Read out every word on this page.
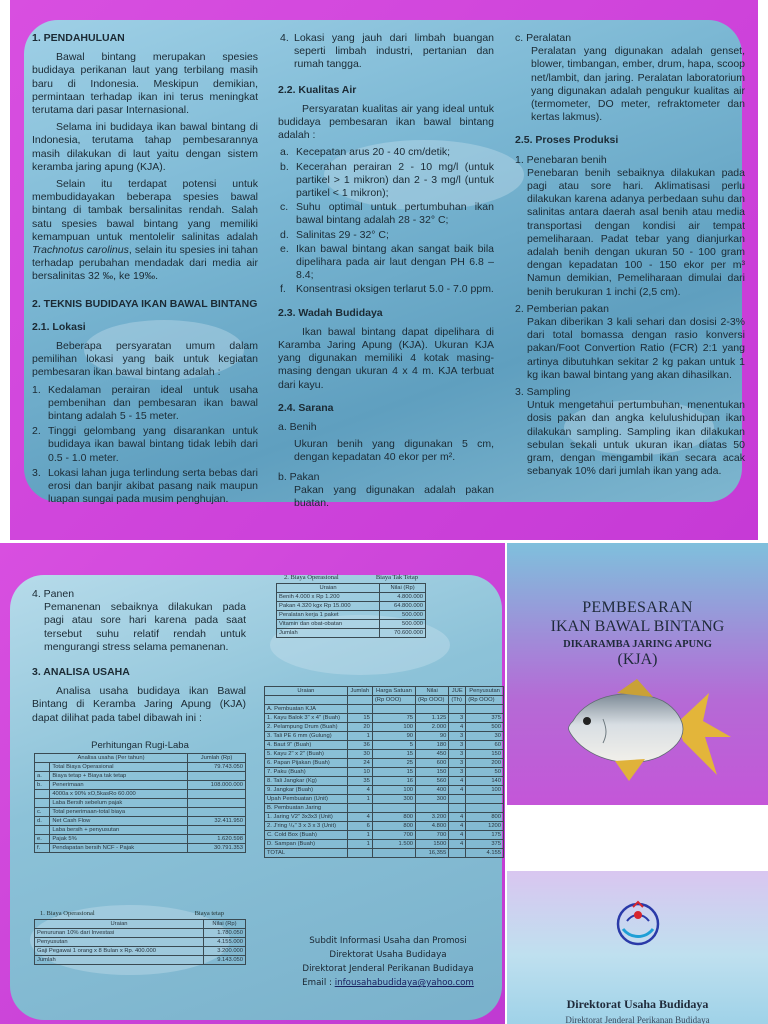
1. PENDAHULUAN

Bawal bintang merupakan spesies budidaya perikanan laut yang terbilang masih baru di Indonesia. Meskipun demikian, permintaan terhadap ikan ini terus meningkat terutama dari pasar Internasional.

Selama ini budidaya ikan bawal bintang di Indonesia, terutama tahap pembesarannya masih dilakukan di laut yaitu dengan sistem keramba jaring apung (KJA).

Selain itu terdapat potensi untuk membudidayakan beberapa spesies bawal bintang di tambak bersalinitas rendah. Salah satu spesies bawal bintang yang memiliki kemampuan untuk mentolelir salinitas adalah Trachnotus carolinus, selain itu spesies ini tahan terhadap perubahan mendadak dari media air bersalinitas 32 ‰, ke 19‰.

2. TEKNIS BUDIDAYA IKAN BAWAL BINTANG
2.1. Lokasi

Beberapa persyaratan umum dalam pemilihan lokasi yang baik untuk kegiatan pembesaran ikan bawal bintang adalah :

1. Kedalaman perairan ideal untuk usaha pembenihan dan pembesaran ikan bawal bintang adalah 5 - 15 meter.
2. Tinggi gelombang yang disarankan untuk budidaya ikan bawal bintang tidak lebih dari 0.5 - 1.0 meter.
3. Lokasi lahan juga terlindung serta bebas dari erosi dan banjir akibat pasang naik maupun luapan sungai pada musim penghujan.
4. Lokasi yang jauh dari limbah buangan seperti limbah industri, pertanian dan rumah tangga.
2.2. Kualitas Air

Persyaratan kualitas air yang ideal untuk budidaya pembesaran ikan bawal bintang adalah :

a. Kecepatan arus 20 - 40 cm/detik;
b. Kecerahan perairan 2 - 10 mg/l (untuk partikel > 1 mikron) dan 2 - 3 mg/l (untuk partikel < 1 mikron);
c. Suhu optimal untuk pertumbuhan ikan bawal bintang adalah 28 - 32° C;
d. Salinitas 29 - 32° C;
e. Ikan bawal bintang akan sangat baik bila dipelihara pada air laut dengan PH 6.8 – 8.4;
f. Konsentrasi oksigen terlarut 5.0 - 7.0 ppm.
2.3. Wadah Budidaya

Ikan bawal bintang dapat dipelihara di Karamba Jaring Apung (KJA). Ukuran KJA yang digunakan memiliki 4 kotak masing-masing dengan ukuran 4 x 4 m. KJA terbuat dari kayu.

2.4. Sarana
a. Benih

Ukuran benih yang digunakan 5 cm, dengan kepadatan 40 ekor per m².

b. Pakan

Pakan yang digunakan adalah pakan buatan.

c. Peralatan

Peralatan yang digunakan adalah genset, blower, timbangan, ember, drum, hapa, scoop net/lambit, dan jaring. Peralatan laboratorium yang digunakan adalah pengukur kualitas air (termometer, DO meter, refraktometer dan kertas lakmus).

2.5. Proses Produksi
1. Penebaran benih

Penebaran benih sebaiknya dilakukan pada pagi atau sore hari. Aklimatisasi perlu dilakukan karena adanya perbedaan suhu dan salinitas antara daerah asal benih atau media transportasi dengan kondisi air tempat pemeliharaan. Padat tebar yang dianjurkan adalah benih dengan ukuran 50 - 100 gram dengan kepadatan 100 - 150 ekor per m³ Namun demikian, Pemeliharaan dimulai dari benih berukuran 1 inchi (2,5 cm).

2. Pemberian pakan

Pakan diberikan 3 kali sehari dan dosisi 2-3% dari total bomassa dengan rasio konversi pakan/Foot Convertion Ratio (FCR) 2:1 yang artinya dibutuhkan sekitar 2 kg pakan untuk 1 kg ikan bawal bintang yang akan dihasilkan.

3. Sampling

Untuk mengetahui pertumbuhan, menentukan dosis pakan dan angka kelulushidupan ikan dilakukan sampling. Sampling ikan dilakukan sebulan sekali untuk ukuran ikan diatas 50 gram, dengan mengambil ikan secara acak sebanyak 10% dari jumlah ikan yang ada.

4. Panen

Pemanenan sebaiknya dilakukan pada pagi atau sore hari karena pada saat tersebut suhu relatif rendah untuk mengurangi stress selama pemanenan.

3. ANALISA USAHA

Analisa usaha budidaya ikan Bawal Bintang di Keramba Jaring Apung (KJA) dapat dilihat pada tabel dibawah ini :

Perhitungan Rugi-Laba
Analisa usaha (Per tahun)		Jumlah (Rp)
	Total Biaya Operasional	79.743.050
a.	Biaya tetap + Biaya tak tetap	
b.	Penerimaan	108.000.000
	4000a x 90% xO,5kasRo 60.000	
	Laba Bersih sebelum pajak	
c.	Total penerimaan-total biaya	
d.	Net Cash Flow	32.411.950
	Laba bersih + penyusutan	
e.	Pajak 5%	1.620.598
f.	Pendapatan bersih NCF - Pajak	30.791.353
1. Biaya Operasional	Biaya tetap
Uraian	Nilai (Rp)
Penurunan 10% dari Investasi	1.780.050
Penyusutan	4.155.000
Gaji Pegawai 1 orang x 8 Bulan x Rp. 400.000	3.200.000
Jumlah	9.143.050
2. Biaya Operasional	Biaya Tak Tetap
Uraian	Nilai (Rp)
Benih 4.000 x Rp 1.200	4.800.000
Pakan 4.320 kgx Rp 15.000	64.800.000
Peralatan kerja 1 paket	500.000
Vitamin dan obat-obatan	500.000
Jumlah	70.600.000
Uraian	Jumlah	Harga Satuan	Nilai	JUE	Penyusutan
		(Rp OOO)	(Rp OOO)	(Th)	(Rp OOO)
A. Pembuatan KJA					
1. Kayu Balok 3" x 4" (Buah)	15	75	1.125	3	375
2. Pelampung Drum (Buah)	20	100	2.000	4	500
3. Tali PE 6 mm (Gulung)	1	90	90	3	30
4. Baut 9" (Buah)	36	5	180	3	60
5. Kayu 2" x 2" (Buah)	30	15	450	3	150
6. Papan Pijakan (Buah)	24	25	600	3	200
7. Paku (Buah)	10	15	150	3	50
8. Tali Jangkar (Kg)	35	16	560	4	140
9. Jangkar (Buah)	4	100	400	4	100
Upah Pembuatan (Unit)	1	300	300		
B. Pembuatan Jaring					
1. Jaring V2" 3x3x3 (Unit)	4	800	3.200	4	800
2. J'ring ¹/₄" 3 x 3 x 3 (Unit)	6	800	4.800	4	1200
C. Cold Box (Buah)	1	700	700	4	175
D. Sampan (Buah)	1	1.500	1500	4	375
TOTAL			16,355		4.155
Subdit Informasi Usaha dan Promosi
Direktorat Usaha Budidaya
Direktorat Jenderal Perikanan Budidaya
Email : infousahabudidaya@yahoo.com
PEMBESARAN
IKAN BAWAL BINTANG
DIKARAMBA JARING APUNG
(KJA)
Direktorat Usaha Budidaya
Direktorat Jenderal Perikanan Budidaya
